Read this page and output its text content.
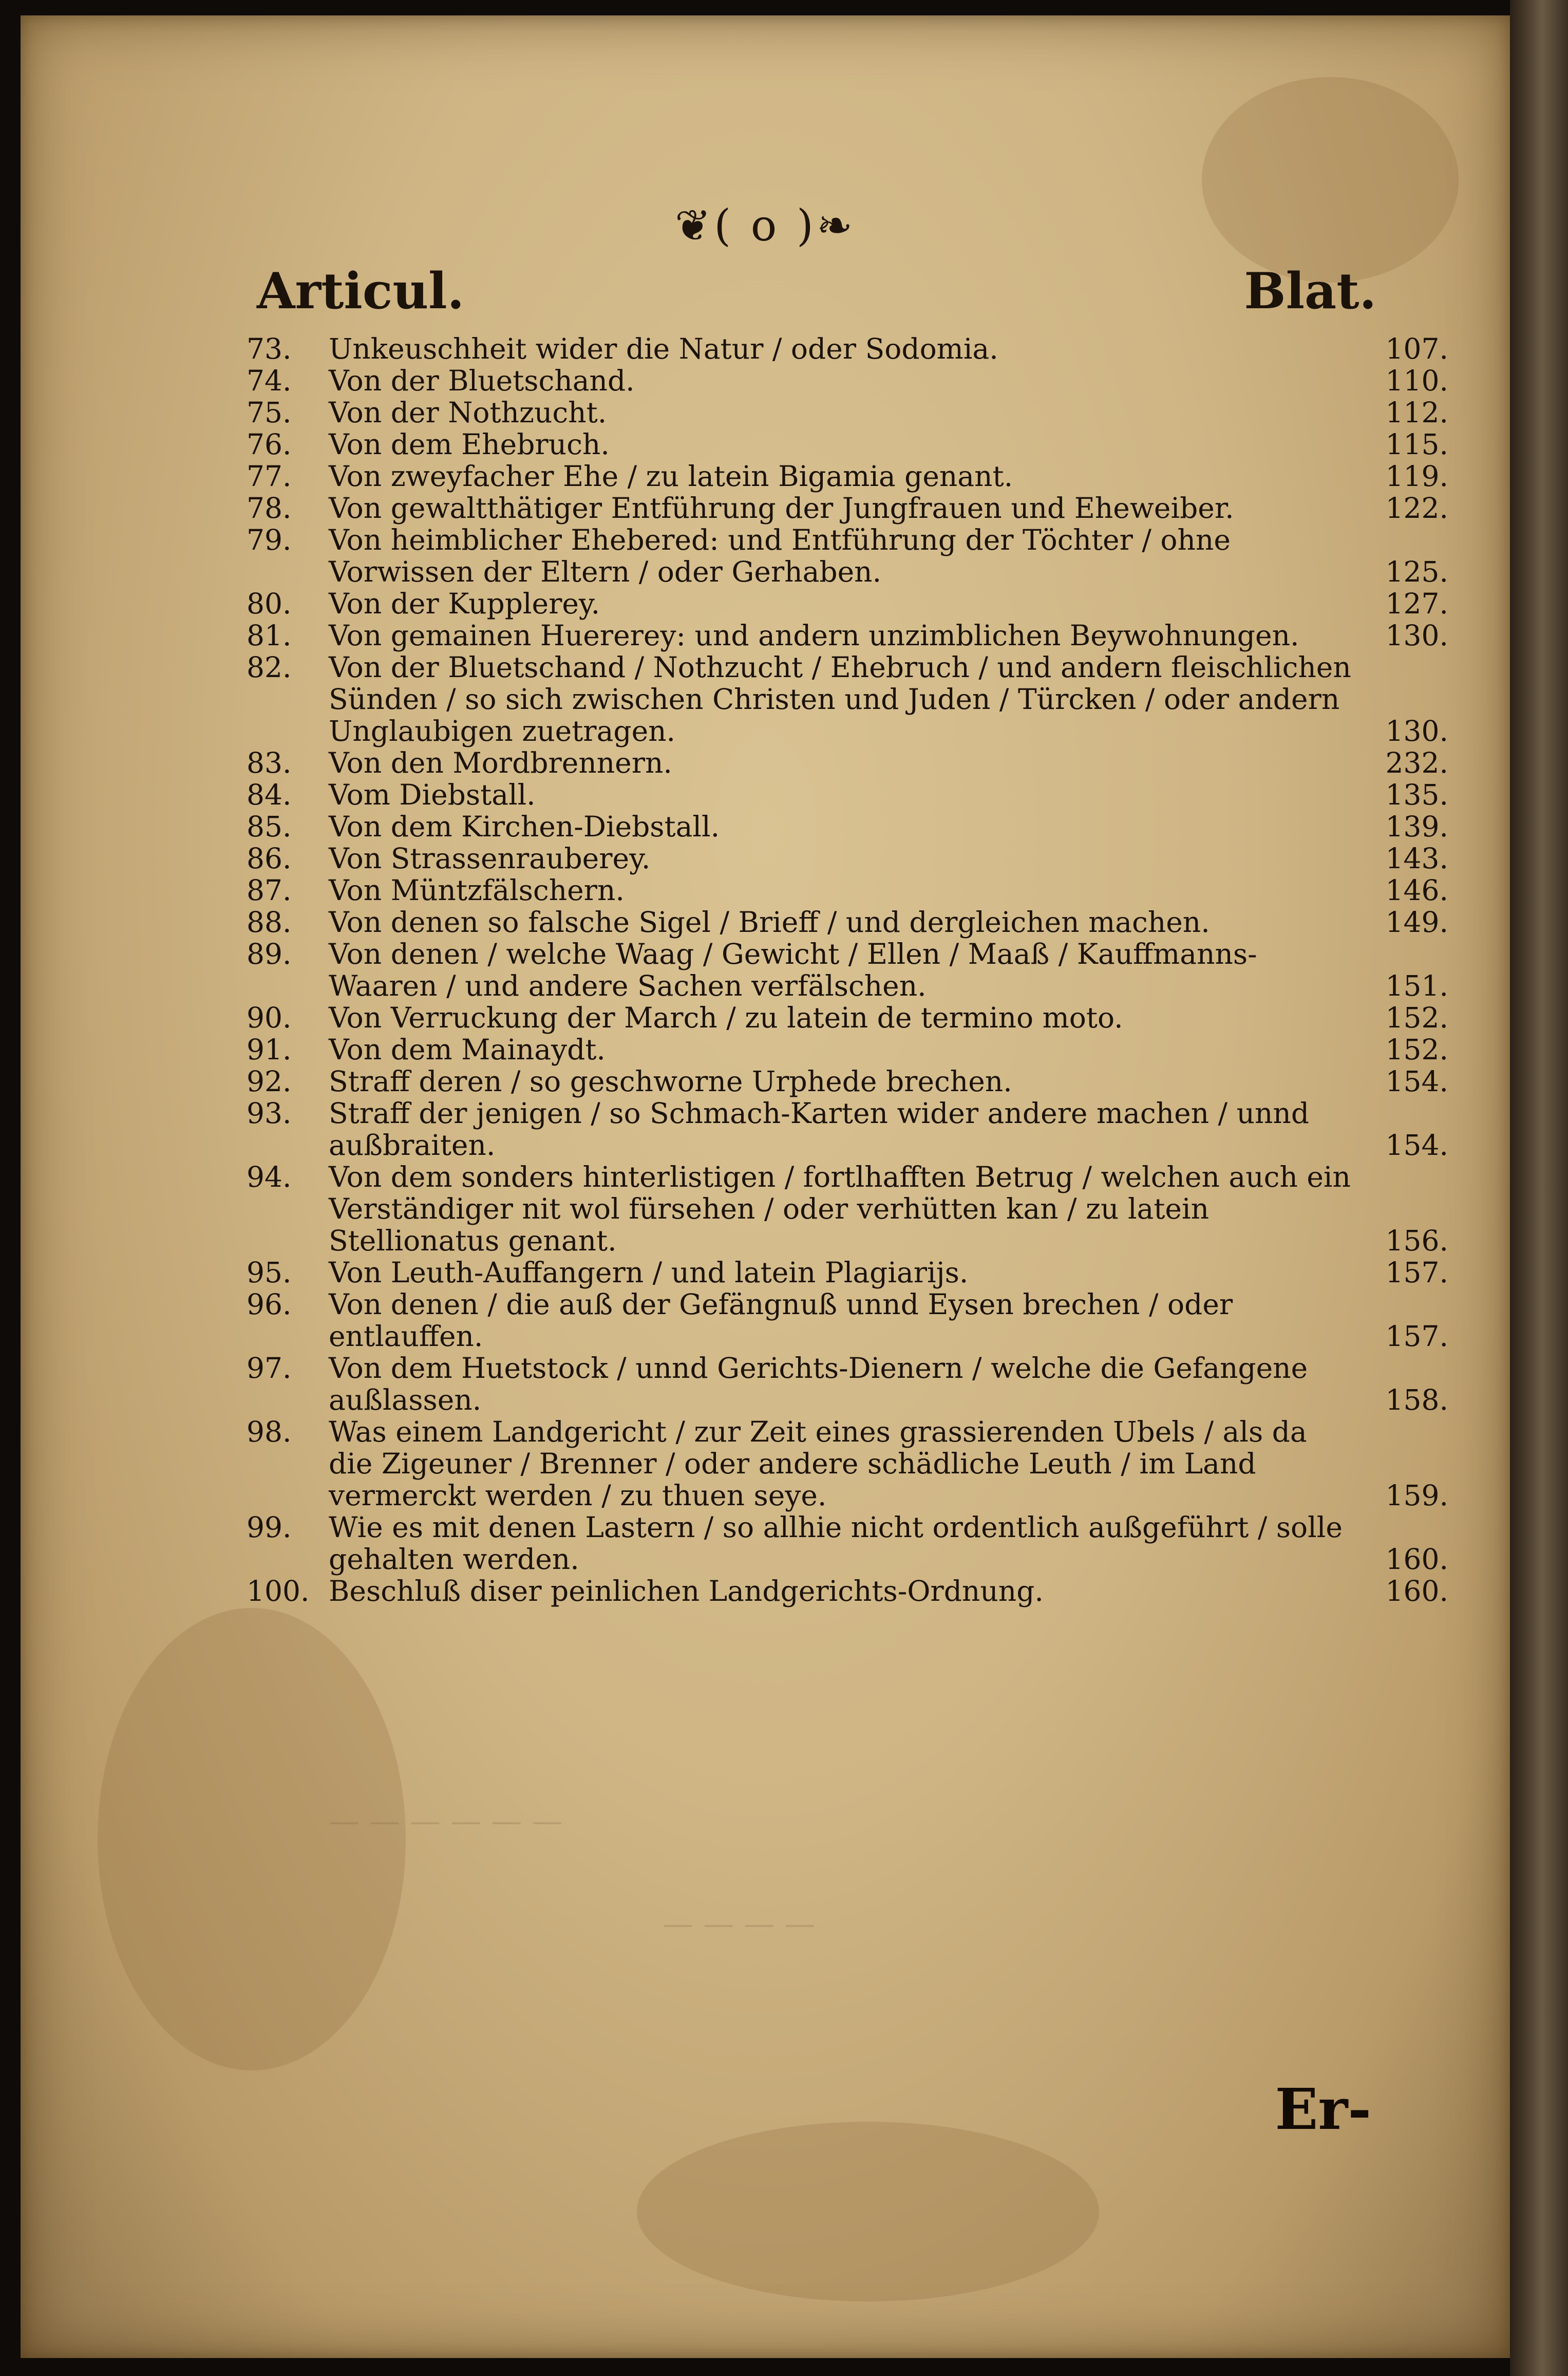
❦( o )❧
Articul.	Blat.
73.	Unkeuschheit wider die Natur / oder Sodomia.	107.
74.	Von der Bluetschand.	110.
75.	Von der Nothzucht.	112.
76.	Von dem Ehebruch.	115.
77.	Von zweyfacher Ehe / zu latein Bigamia genant.	119.
78.	Von gewaltthätiger Entführung der Jungfrauen und Eheweiber.	122.
79.	Von heimblicher Ehebered: und Entführung der Töchter / ohne Vorwissen der Eltern / oder Gerhaben.	125.
80.	Von der Kupplerey.	127.
81.	Von gemainen Huererey: und andern unzimblichen Beywohnungen.	130.
82.	Von der Bluetschand / Nothzucht / Ehebruch / und andern fleischlichen Sünden / so sich zwischen Christen und Juden / Türcken / oder andern Unglaubigen zuetragen.	130.
83.	Von den Mordbrennern.	232.
84.	Vom Diebstall.	135.
85.	Von dem Kirchen-Diebstall.	139.
86.	Von Strassenrauberey.	143.
87.	Von Müntzfälschern.	146.
88.	Von denen so falsche Sigel / Brieff / und dergleichen machen.	149.
89.	Von denen / welche Waag / Gewicht / Ellen / Maaß / Kauffmanns-Waaren / und andere Sachen verfälschen.	151.
90.	Von Verruckung der March / zu latein de termino moto.	152.
91.	Von dem Mainaydt.	152.
92.	Straff deren / so geschworne Urphede brechen.	154.
93.	Straff der jenigen / so Schmach-Karten wider andere machen / unnd außbraiten.	154.
94.	Von dem sonders hinterlistigen / fortlhafften Betrug / welchen auch ein Verständiger nit wol fürsehen / oder verhütten kan / zu latein Stellionatus genant.	156.
95.	Von Leuth-Auffangern / und latein Plagiarijs.	157.
96.	Von denen / die auß der Gefängnuß unnd Eysen brechen / oder entlauffen.	157.
97.	Von dem Huetstock / unnd Gerichts-Dienern / welche die Gefangene außlassen.	158.
98.	Was einem Landgericht / zur Zeit eines grassierenden Ubels / als da die Zigeuner / Brenner / oder andere schädliche Leuth / im Land vermerckt werden / zu thuen seye.	159.
99.	Wie es mit denen Lastern / so allhie nicht ordentlich außgeführt / solle gehalten werden.	160.
100. Beschluß diser peinlichen Landgerichts-Ordnung.	160.
— — — — — —
— — — —
Er-
